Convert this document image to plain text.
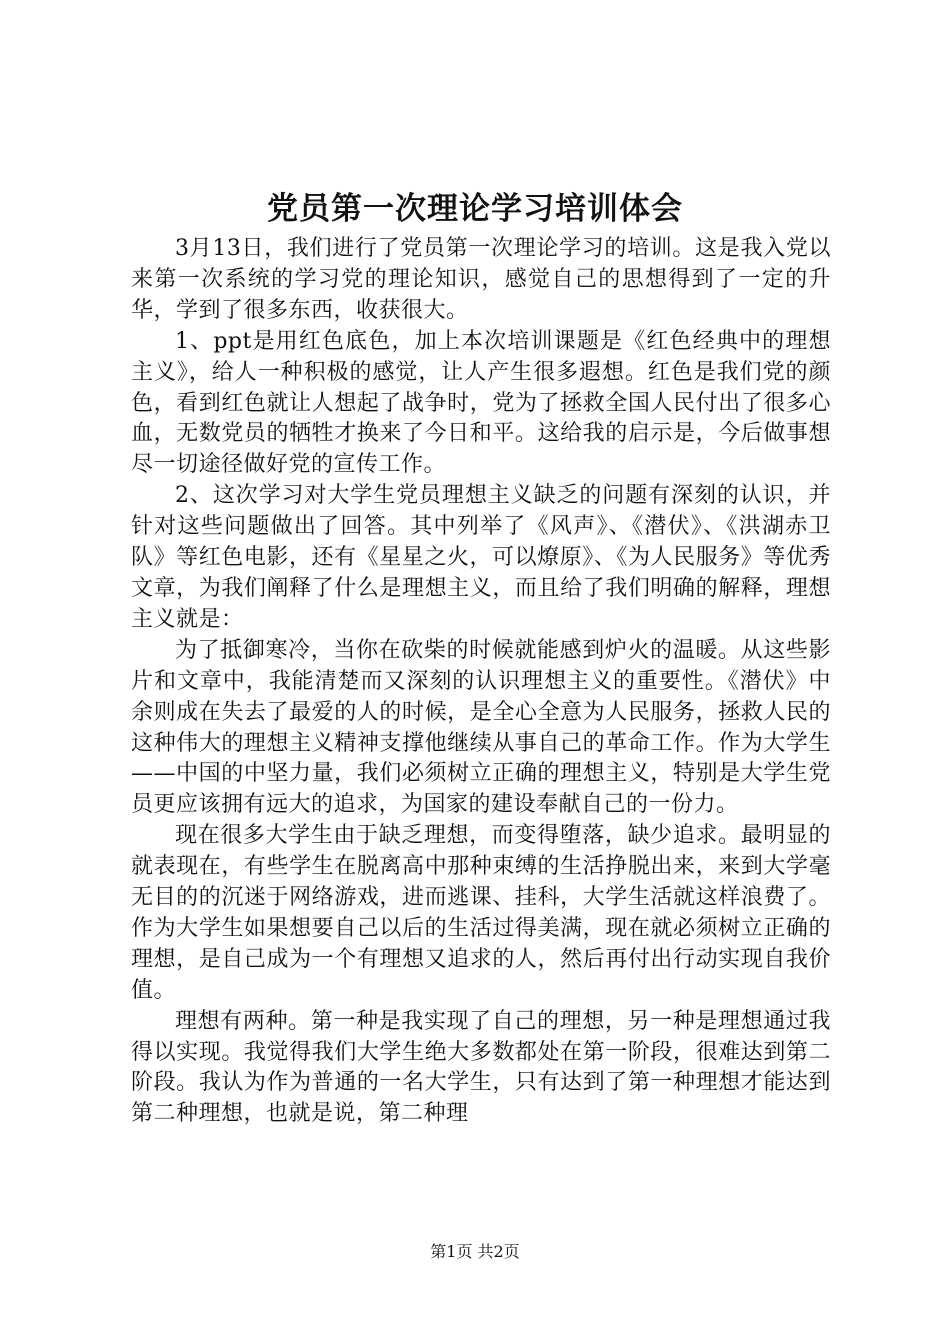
党员第一次理论学习培训体会

3月13日，我们进行了党员第一次理论学习的培训。这是我入党以来第一次系统的学习党的理论知识，感觉自己的思想得到了一定的升华，学到了很多东西，收获很大。

1、ppt是用红色底色，加上本次培训课题是《红色经典中的理想主义》，给人一种积极的感觉，让人产生很多遐想。红色是我们党的颜色，看到红色就让人想起了战争时，党为了拯救全国人民付出了很多心血，无数党员的牺牲才换来了今日和平。这给我的启示是，今后做事想尽一切途径做好党的宣传工作。

2、这次学习对大学生党员理想主义缺乏的问题有深刻的认识，并针对这些问题做出了回答。其中列举了《风声》、《潜伏》、《洪湖赤卫队》等红色电影，还有《星星之火，可以燎原》、《为人民服务》等优秀文章，为我们阐释了什么是理想主义，而且给了我们明确的解释，理想主义就是：

为了抵御寒冷，当你在砍柴的时候就能感到炉火的温暖。从这些影片和文章中，我能清楚而又深刻的认识理想主义的重要性。《潜伏》中余则成在失去了最爱的人的时候，是全心全意为人民服务，拯救人民的这种伟大的理想主义精神支撑他继续从事自己的革命工作。作为大学生——中国的中坚力量，我们必须树立正确的理想主义，特别是大学生党员更应该拥有远大的追求，为国家的建设奉献自己的一份力。

现在很多大学生由于缺乏理想，而变得堕落，缺少追求。最明显的就表现在，有些学生在脱离高中那种束缚的生活挣脱出来，来到大学毫无目的的沉迷于网络游戏，进而逃课、挂科，大学生活就这样浪费了。作为大学生如果想要自己以后的生活过得美满，现在就必须树立正确的理想，是自己成为一个有理想又追求的人，然后再付出行动实现自我价值。

理想有两种。第一种是我实现了自己的理想，另一种是理想通过我得以实现。我觉得我们大学生绝大多数都处在第一阶段，很难达到第二阶段。我认为作为普通的一名大学生，只有达到了第一种理想才能达到第二种理想，也就是说，第二种理

第1页 共2页
